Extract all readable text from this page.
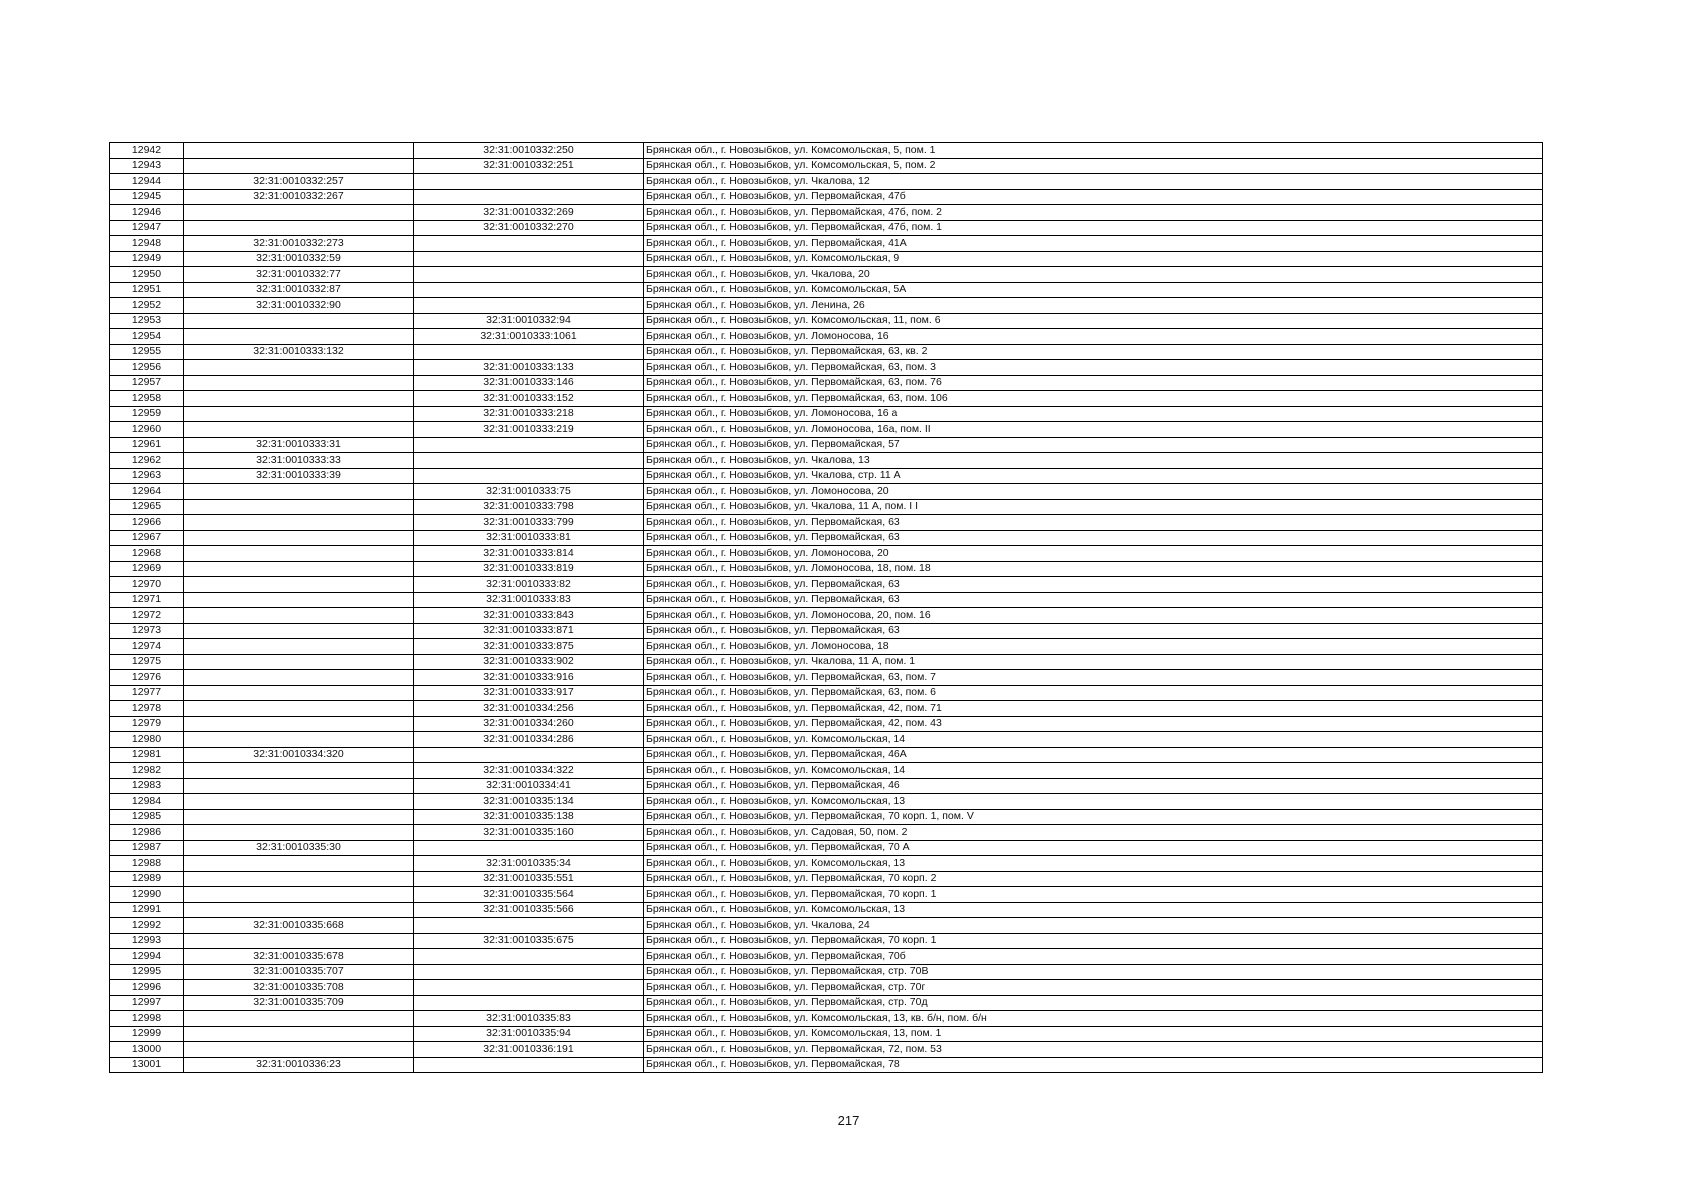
12942		32:31:0010332:250	Брянская обл., г. Новозыбков, ул. Комсомольская, 5, пом. 1
12943		32:31:0010332:251	Брянская обл., г. Новозыбков, ул. Комсомольская, 5, пом. 2
12944	32:31:0010332:257		Брянская обл., г. Новозыбков, ул. Чкалова, 12
12945	32:31:0010332:267		Брянская обл., г. Новозыбков, ул. Первомайская, 47б
12946		32:31:0010332:269	Брянская обл., г. Новозыбков, ул. Первомайская, 47б, пом. 2
12947		32:31:0010332:270	Брянская обл., г. Новозыбков, ул. Первомайская, 47б, пом. 1
12948	32:31:0010332:273		Брянская обл., г. Новозыбков, ул. Первомайская, 41А
12949	32:31:0010332:59		Брянская обл., г. Новозыбков, ул. Комсомольская, 9
12950	32:31:0010332:77		Брянская обл., г. Новозыбков, ул. Чкалова, 20
12951	32:31:0010332:87		Брянская обл., г. Новозыбков, ул. Комсомольская, 5А
12952	32:31:0010332:90		Брянская обл., г. Новозыбков, ул. Ленина, 26
12953		32:31:0010332:94	Брянская обл., г. Новозыбков, ул. Комсомольская, 11, пом. 6
12954		32:31:0010333:1061	Брянская обл., г. Новозыбков, ул. Ломоносова, 16
12955	32:31:0010333:132		Брянская обл., г. Новозыбков, ул. Первомайская, 63, кв. 2
12956		32:31:0010333:133	Брянская обл., г. Новозыбков, ул. Первомайская, 63, пом. 3
12957		32:31:0010333:146	Брянская обл., г. Новозыбков, ул. Первомайская, 63, пом. 76
12958		32:31:0010333:152	Брянская обл., г. Новозыбков, ул. Первомайская, 63, пом. 106
12959		32:31:0010333:218	Брянская обл., г. Новозыбков, ул. Ломоносова, 16 а
12960		32:31:0010333:219	Брянская обл., г. Новозыбков, ул. Ломоносова, 16а, пом. II
12961	32:31:0010333:31		Брянская обл., г. Новозыбков, ул. Первомайская, 57
12962	32:31:0010333:33		Брянская обл., г. Новозыбков, ул. Чкалова, 13
12963	32:31:0010333:39		Брянская обл., г. Новозыбков, ул. Чкалова, стр. 11 А
12964		32:31:0010333:75	Брянская обл., г. Новозыбков, ул. Ломоносова, 20
12965		32:31:0010333:798	Брянская обл., г. Новозыбков, ул. Чкалова, 11 А, пом. I I
12966		32:31:0010333:799	Брянская обл., г. Новозыбков, ул. Первомайская, 63
12967		32:31:0010333:81	Брянская обл., г. Новозыбков, ул. Первомайская, 63
12968		32:31:0010333:814	Брянская обл., г. Новозыбков, ул. Ломоносова, 20
12969		32:31:0010333:819	Брянская обл., г. Новозыбков, ул. Ломоносова, 18, пом. 18
12970		32:31:0010333:82	Брянская обл., г. Новозыбков, ул. Первомайская, 63
12971		32:31:0010333:83	Брянская обл., г. Новозыбков, ул. Первомайская, 63
12972		32:31:0010333:843	Брянская обл., г. Новозыбков, ул. Ломоносова, 20, пом. 16
12973		32:31:0010333:871	Брянская обл., г. Новозыбков, ул. Первомайская, 63
12974		32:31:0010333:875	Брянская обл., г. Новозыбков, ул. Ломоносова, 18
12975		32:31:0010333:902	Брянская обл., г. Новозыбков, ул. Чкалова, 11 А, пом. 1
12976		32:31:0010333:916	Брянская обл., г. Новозыбков, ул. Первомайская, 63, пом. 7
12977		32:31:0010333:917	Брянская обл., г. Новозыбков, ул. Первомайская, 63, пом. 6
12978		32:31:0010334:256	Брянская обл., г. Новозыбков, ул. Первомайская, 42, пом. 71
12979		32:31:0010334:260	Брянская обл., г. Новозыбков, ул. Первомайская, 42, пом. 43
12980		32:31:0010334:286	Брянская обл., г. Новозыбков, ул. Комсомольская, 14
12981	32:31:0010334:320		Брянская обл., г. Новозыбков, ул. Первомайская, 46А
12982		32:31:0010334:322	Брянская обл., г. Новозыбков, ул. Комсомольская, 14
12983		32:31:0010334:41	Брянская обл., г. Новозыбков, ул. Первомайская, 46
12984		32:31:0010335:134	Брянская обл., г. Новозыбков, ул. Комсомольская, 13
12985		32:31:0010335:138	Брянская обл., г. Новозыбков, ул. Первомайская, 70 корп. 1, пом. V
12986		32:31:0010335:160	Брянская обл., г. Новозыбков, ул. Садовая, 50, пом. 2
12987	32:31:0010335:30		Брянская обл., г. Новозыбков, ул. Первомайская, 70 А
12988		32:31:0010335:34	Брянская обл., г. Новозыбков, ул. Комсомольская, 13
12989		32:31:0010335:551	Брянская обл., г. Новозыбков, ул. Первомайская, 70 корп. 2
12990		32:31:0010335:564	Брянская обл., г. Новозыбков, ул. Первомайская, 70 корп. 1
12991		32:31:0010335:566	Брянская обл., г. Новозыбков, ул. Комсомольская, 13
12992	32:31:0010335:668		Брянская обл., г. Новозыбков, ул. Чкалова, 24
12993		32:31:0010335:675	Брянская обл., г. Новозыбков, ул. Первомайская, 70 корп. 1
12994	32:31:0010335:678		Брянская обл., г. Новозыбков, ул. Первомайская, 70б
12995	32:31:0010335:707		Брянская обл., г. Новозыбков, ул. Первомайская, стр. 70В
12996	32:31:0010335:708		Брянская обл., г. Новозыбков, ул. Первомайская, стр. 70г
12997	32:31:0010335:709		Брянская обл., г. Новозыбков, ул. Первомайская, стр. 70д
12998		32:31:0010335:83	Брянская обл., г. Новозыбков, ул. Комсомольская, 13, кв. б/н, пом. б/н
12999		32:31:0010335:94	Брянская обл., г. Новозыбков, ул. Комсомольская, 13, пом. 1
13000		32:31:0010336:191	Брянская обл., г. Новозыбков, ул. Первомайская, 72, пом. 53
13001	32:31:0010336:23		Брянская обл., г. Новозыбков, ул. Первомайская, 78
217
